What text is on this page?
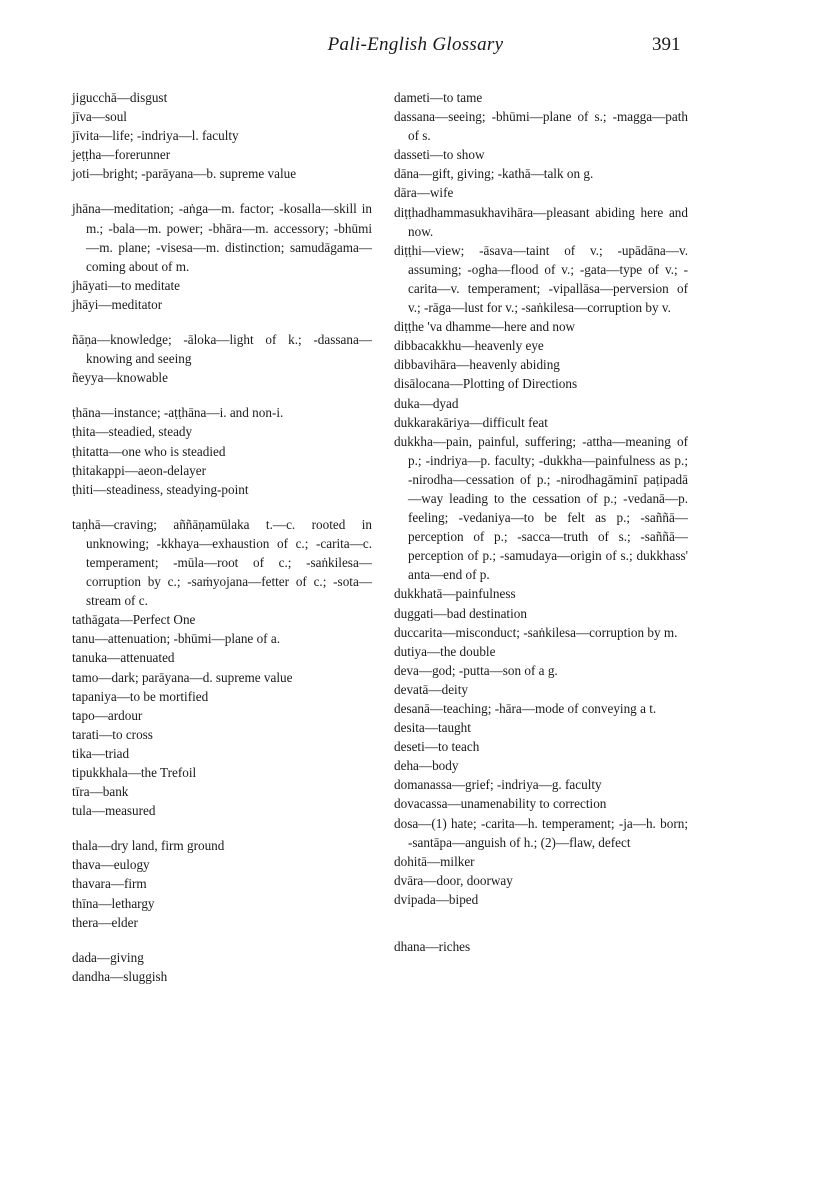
Pali-English Glossary	391

jigucchā—disgust

jīva—soul

jīvita—life; -indriya—l. faculty

jeṭṭha—forerunner

joti—bright; -parāyana—b. supreme value

jhāna—meditation; -aṅga—m. factor; -kosalla—skill in m.; -bala—m. power; -bhāra—m. accessory; -bhūmi—m. plane; -visesa—m. distinction; samudāgama—coming about of m.

jhāyati—to meditate

jhāyi—meditator

ñāṇa—knowledge; -āloka—light of k.; -dassana—knowing and seeing

ñeyya—knowable

ṭhāna—instance; -aṭṭhāna—i. and non-i.

ṭhita—steadied, steady

ṭhitatta—one who is steadied

ṭhitakappi—aeon-delayer

ṭhiti—steadiness, steadying-point

taṇhā—craving; aññāṇamūlaka t.—c. rooted in unknowing; -kkhaya—exhaustion of c.; -carita—c. temperament; -mūla—root of c.; -saṅkilesa—corruption by c.; -saṁyojana—fetter of c.; -sota—stream of c.

tathāgata—Perfect One

tanu—attenuation; -bhūmi—plane of a.

tanuka—attenuated

tamo—dark; parāyana—d. supreme value

tapaniya—to be mortified

tapo—ardour

tarati—to cross

tika—triad

tipukkhala—the Trefoil

tīra—bank

tula—measured

thala—dry land, firm ground

thava—eulogy

thavara—firm

thīna—lethargy

thera—elder

dada—giving

dandha—sluggish

dameti—to tame

dassana—seeing; -bhūmi—plane of s.; -magga—path of s.

dasseti—to show

dāna—gift, giving; -kathā—talk on g.

dāra—wife

diṭṭhadhammasukhavihāra—pleasant abiding here and now.

diṭṭhi—view; -āsava—taint of v.; -upādāna—v. assuming; -ogha—flood of v.; -gata—type of v.; -carita—v. temperament; -vipallāsa—perversion of v.; -rāga—lust for v.; -saṅkilesa—corruption by v.

diṭṭhe 'va dhamme—here and now

dibbacakkhu—heavenly eye

dibbavihāra—heavenly abiding

disālocana—Plotting of Directions

duka—dyad

dukkarakāriya—difficult feat

dukkha—pain, painful, suffering; -attha—meaning of p.; -indriya—p. faculty; -dukkha—painfulness as p.; -nirodha—cessation of p.; -nirodhagāminī paṭipadā—way leading to the cessation of p.; -vedanā—p. feeling; -vedaniya—to be felt as p.; -saññā—perception of p.; -sacca—truth of s.; -saññā—perception of p.; -samudaya—origin of s.; dukkhass' anta—end of p.

dukkhatā—painfulness

duggati—bad destination

duccarita—misconduct; -saṅkilesa—corruption by m.

dutiya—the double

deva—god; -putta—son of a g.

devatā—deity

desanā—teaching; -hāra—mode of conveying a t.

desita—taught

deseti—to teach

deha—body

domanassa—grief; -indriya—g. faculty

dovacassa—unamenability to correction

dosa—(1) hate; -carita—h. temperament; -ja—h. born; -santāpa—anguish of h.; (2)—flaw, defect

dohitā—milker

dvāra—door, doorway

dvipada—biped

dhana—riches
